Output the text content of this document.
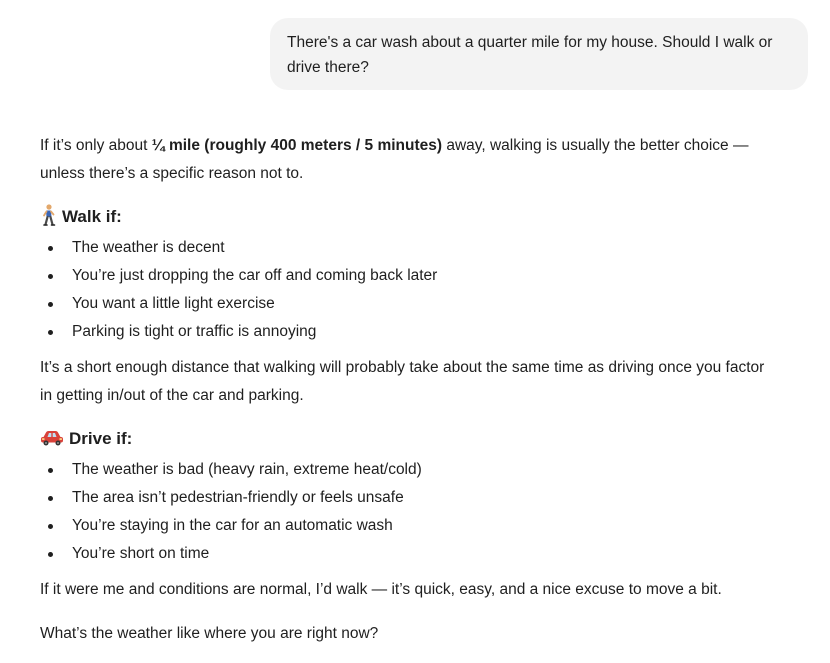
There's a car wash about a quarter mile for my house. Should I walk or
drive there?
If it’s only about ¼ mile (roughly 400 meters / 5 minutes) away, walking is usually the better choice —
unless there’s a specific reason not to.
Walk if:
The weather is decent
You’re just dropping the car off and coming back later
You want a little light exercise
Parking is tight or traffic is annoying
It’s a short enough distance that walking will probably take about the same time as driving once you factor
in getting in/out of the car and parking.
Drive if:
The weather is bad (heavy rain, extreme heat/cold)
The area isn’t pedestrian-friendly or feels unsafe
You’re staying in the car for an automatic wash
You’re short on time
If it were me and conditions are normal, I’d walk — it’s quick, easy, and a nice excuse to move a bit.
What’s the weather like where you are right now?
